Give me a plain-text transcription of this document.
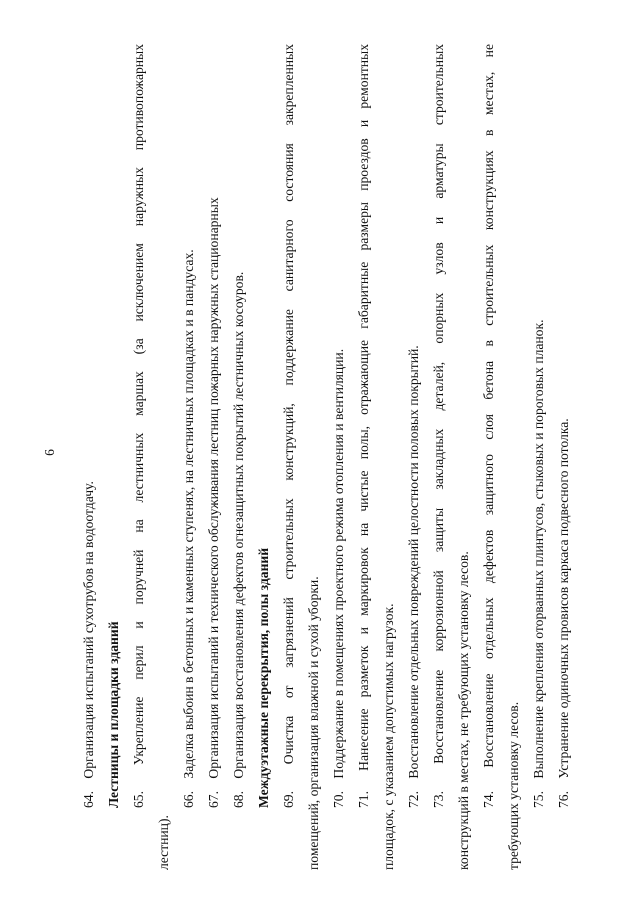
6
64. Организация испытаний сухотрубов на водоотдачу. Лестницы и площадки зданий 65. Укрепление перил и поручней на лестничных маршах (за исключением наружных противопожарных
лестниц).
66. Заделка выбоин в бетонных и каменных ступенях, на лестничных площадках и в пандусах.
67. Организация испытаний и технического обслуживания лестниц пожарных наружных стационарных
68. Организация восстановления дефектов огнезащитных покрытий лестничных косоуров. Междуэтажные перекрытия, полы зданий 69. Очистка от загрязнений строительных конструкций, поддержание санитарного состояния закрепленных помещений, организация влажной и сухой уборки. 70. Поддержание в помещениях проектного режима отопления и вентиляции.
71. Нанесение разметок и маркировок на чистые полы, отражающие габаритные размеры проездов и ремонтных площадок, с указанием допустимых нагрузок. 72. Восстановление отдельных повреждений целостности половых покрытий.
73. Восстановление коррозионной защиты закладных деталей, опорных узлов и арматуры строительных конструкций в местах, не требующих установку лесов. 74. Восстановление отдельных дефектов защитного слоя бетона в строительных конструкциях в местах, не
требующих установку лесов. 75. Выполнение крепления оторванных плинтусов, стыковых и пороговых планок.
76. Устранение одиночных провисов каркаса подвесного потолка.
